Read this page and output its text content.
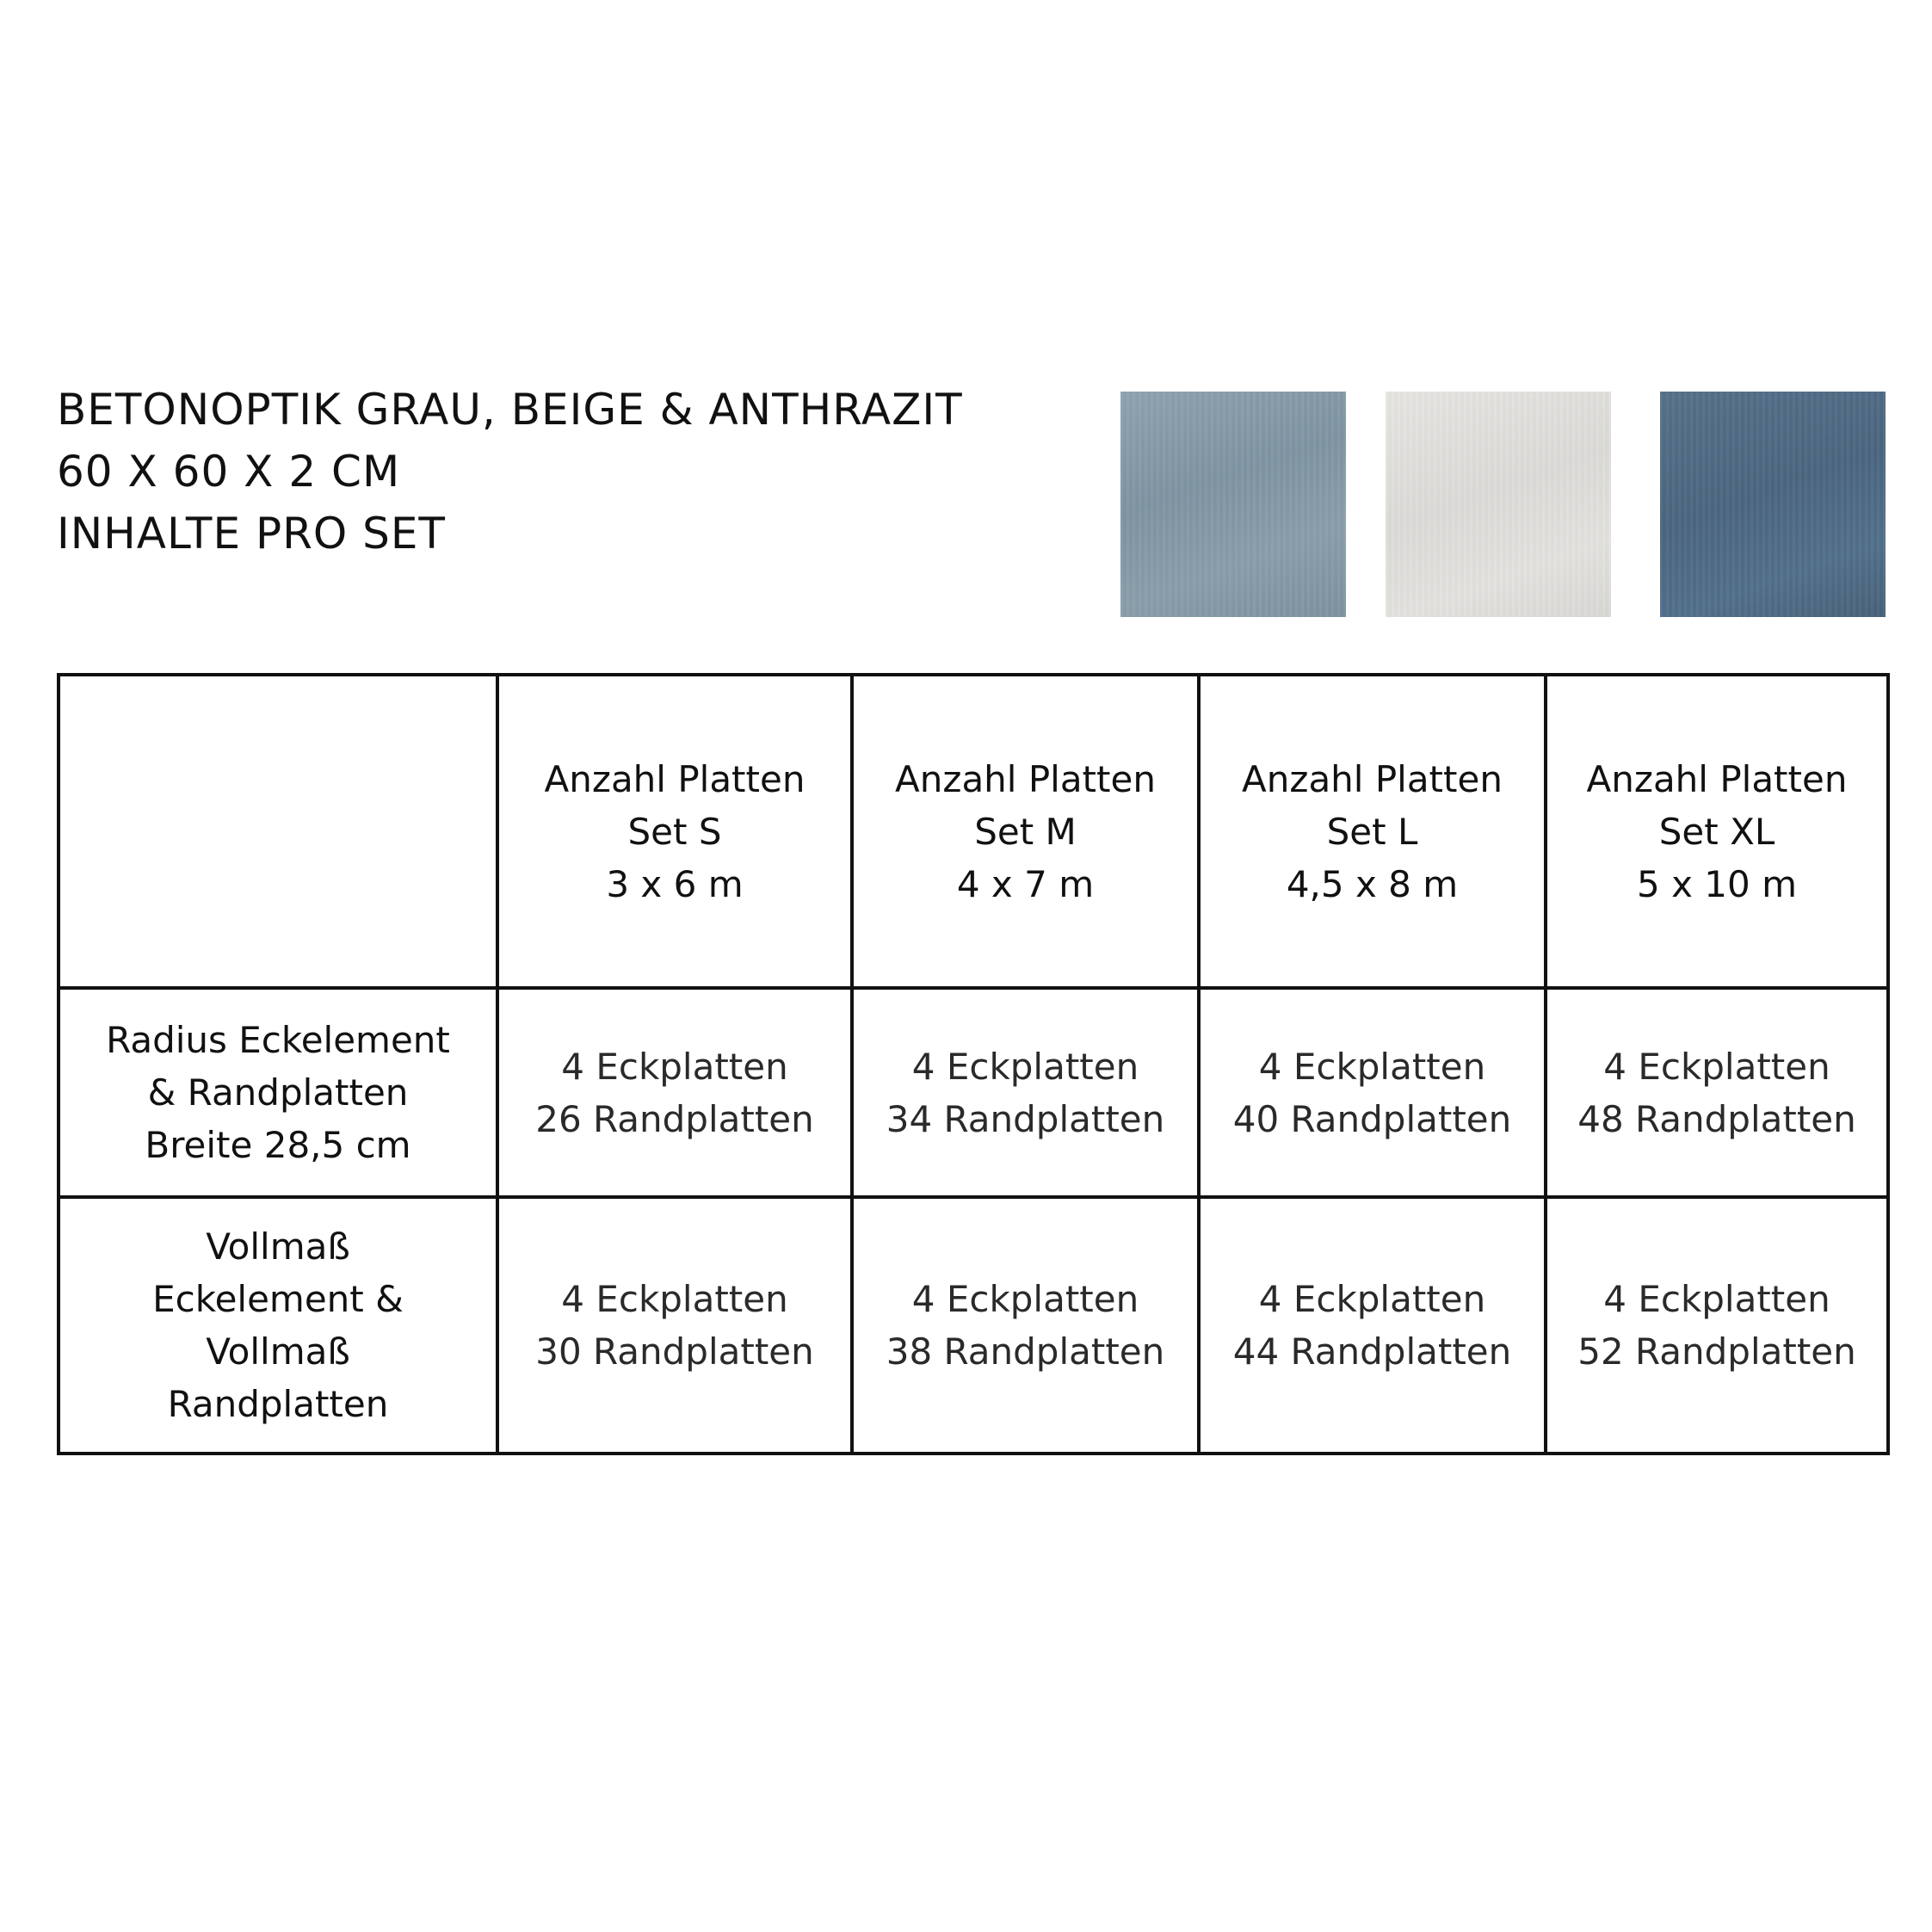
BETONOPTIK GRAU, BEIGE & ANTHRAZIT
60 X 60 X 2 CM
INHALTE PRO SET

	Anzahl Platten
Set S
3 x 6 m	Anzahl Platten
Set M
4 x 7 m	Anzahl Platten
Set L
4,5 x 8 m	Anzahl Platten
Set XL
5 x 10 m

Radius Eckelement
& Randplatten
Breite 28,5 cm	4 Eckplatten
26 Randplatten	4 Eckplatten
34 Randplatten	4 Eckplatten
40 Randplatten	4 Eckplatten
48 Randplatten

Vollmaß
Eckelement &
Vollmaß
Randplatten	4 Eckplatten
30 Randplatten	4 Eckplatten
38 Randplatten	4 Eckplatten
44 Randplatten	4 Eckplatten
52 Randplatten
